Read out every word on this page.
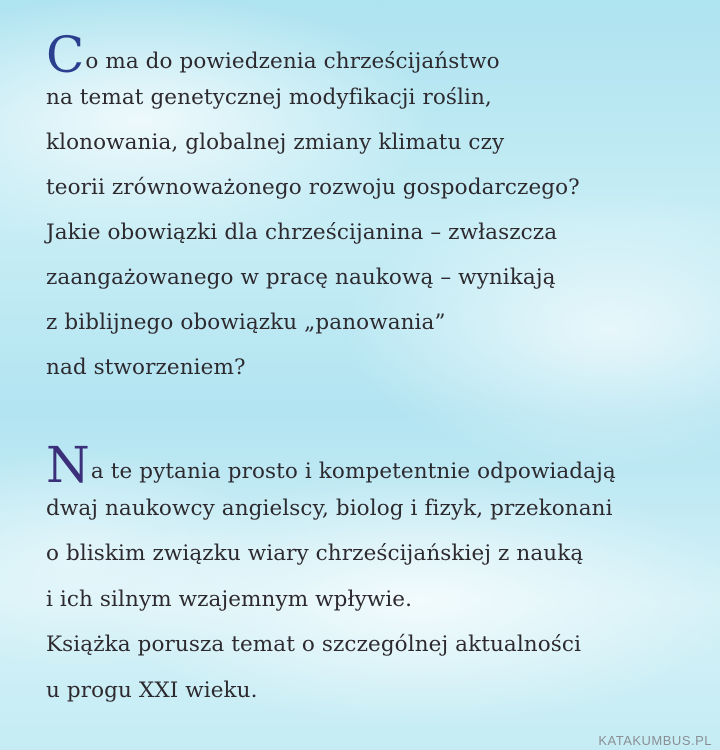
Co ma do powiedzenia chrześcijaństwo
na temat genetycznej modyfikacji roślin,
klonowania, globalnej zmiany klimatu czy
teorii zrównoważonego rozwoju gospodarczego?
Jakie obowiązki dla chrześcijanina – zwłaszcza
zaangażowanego w pracę naukową – wynikają
z biblijnego obowiązku „panowania”
nad stworzeniem?
Na te pytania prosto i kompetentnie odpowiadają
dwaj naukowcy angielscy, biolog i fizyk, przekonani
o bliskim związku wiary chrześcijańskiej z nauką
i ich silnym wzajemnym wpływie.
Książka porusza temat o szczególnej aktualności
u progu XXI wieku.
KATAKUMBUS.PL
